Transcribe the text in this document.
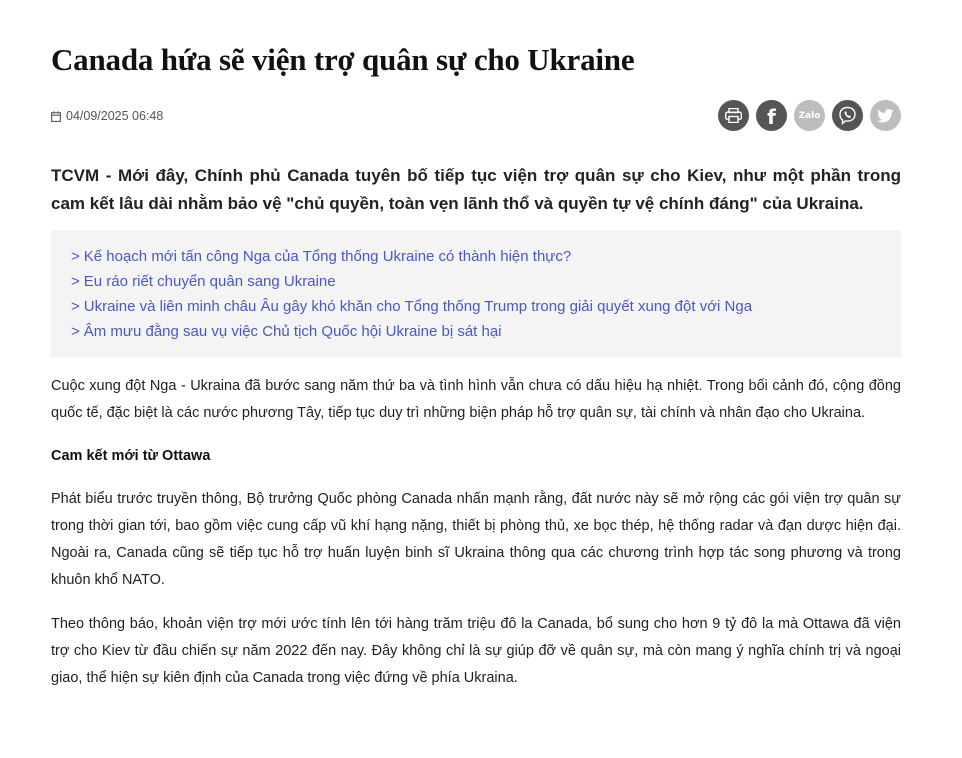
Canada hứa sẽ viện trợ quân sự cho Ukraine
04/09/2025 06:48	f	Zalo

TCVM - Mới đây, Chính phủ Canada tuyên bố tiếp tục viện trợ quân sự cho Kiev, như một phần trong cam kết lâu dài nhằm bảo vệ "chủ quyền, toàn vẹn lãnh thổ và quyền tự vệ chính đáng" của Ukraina.

> Kế hoạch mới tấn công Nga của Tổng thống Ukraine có thành hiện thực?
> Eu ráo riết chuyển quân sang Ukraine
> Ukraine và liên minh châu Âu gây khó khăn cho Tổng thống Trump trong giải quyết xung đột với Nga
> Âm mưu đằng sau vụ việc Chủ tịch Quốc hội Ukraine bị sát hại

Cuộc xung đột Nga - Ukraina đã bước sang năm thứ ba và tình hình vẫn chưa có dấu hiệu hạ nhiệt. Trong bối cảnh đó, cộng đồng quốc tế, đặc biệt là các nước phương Tây, tiếp tục duy trì những biện pháp hỗ trợ quân sự, tài chính và nhân đạo cho Ukraina.

Cam kết mới từ Ottawa

Phát biểu trước truyền thông, Bộ trưởng Quốc phòng Canada nhấn mạnh rằng, đất nước này sẽ mở rộng các gói viện trợ quân sự trong thời gian tới, bao gồm việc cung cấp vũ khí hạng nặng, thiết bị phòng thủ, xe bọc thép, hệ thống radar và đạn dược hiện đại. Ngoài ra, Canada cũng sẽ tiếp tục hỗ trợ huấn luyện binh sĩ Ukraina thông qua các chương trình hợp tác song phương và trong khuôn khổ NATO.

Theo thông báo, khoản viện trợ mới ước tính lên tới hàng trăm triệu đô la Canada, bổ sung cho hơn 9 tỷ đô la mà Ottawa đã viện trợ cho Kiev từ đầu chiến sự năm 2022 đến nay. Đây không chỉ là sự giúp đỡ về quân sự, mà còn mang ý nghĩa chính trị và ngoại giao, thể hiện sự kiên định của Canada trong việc đứng về phía Ukraina.
